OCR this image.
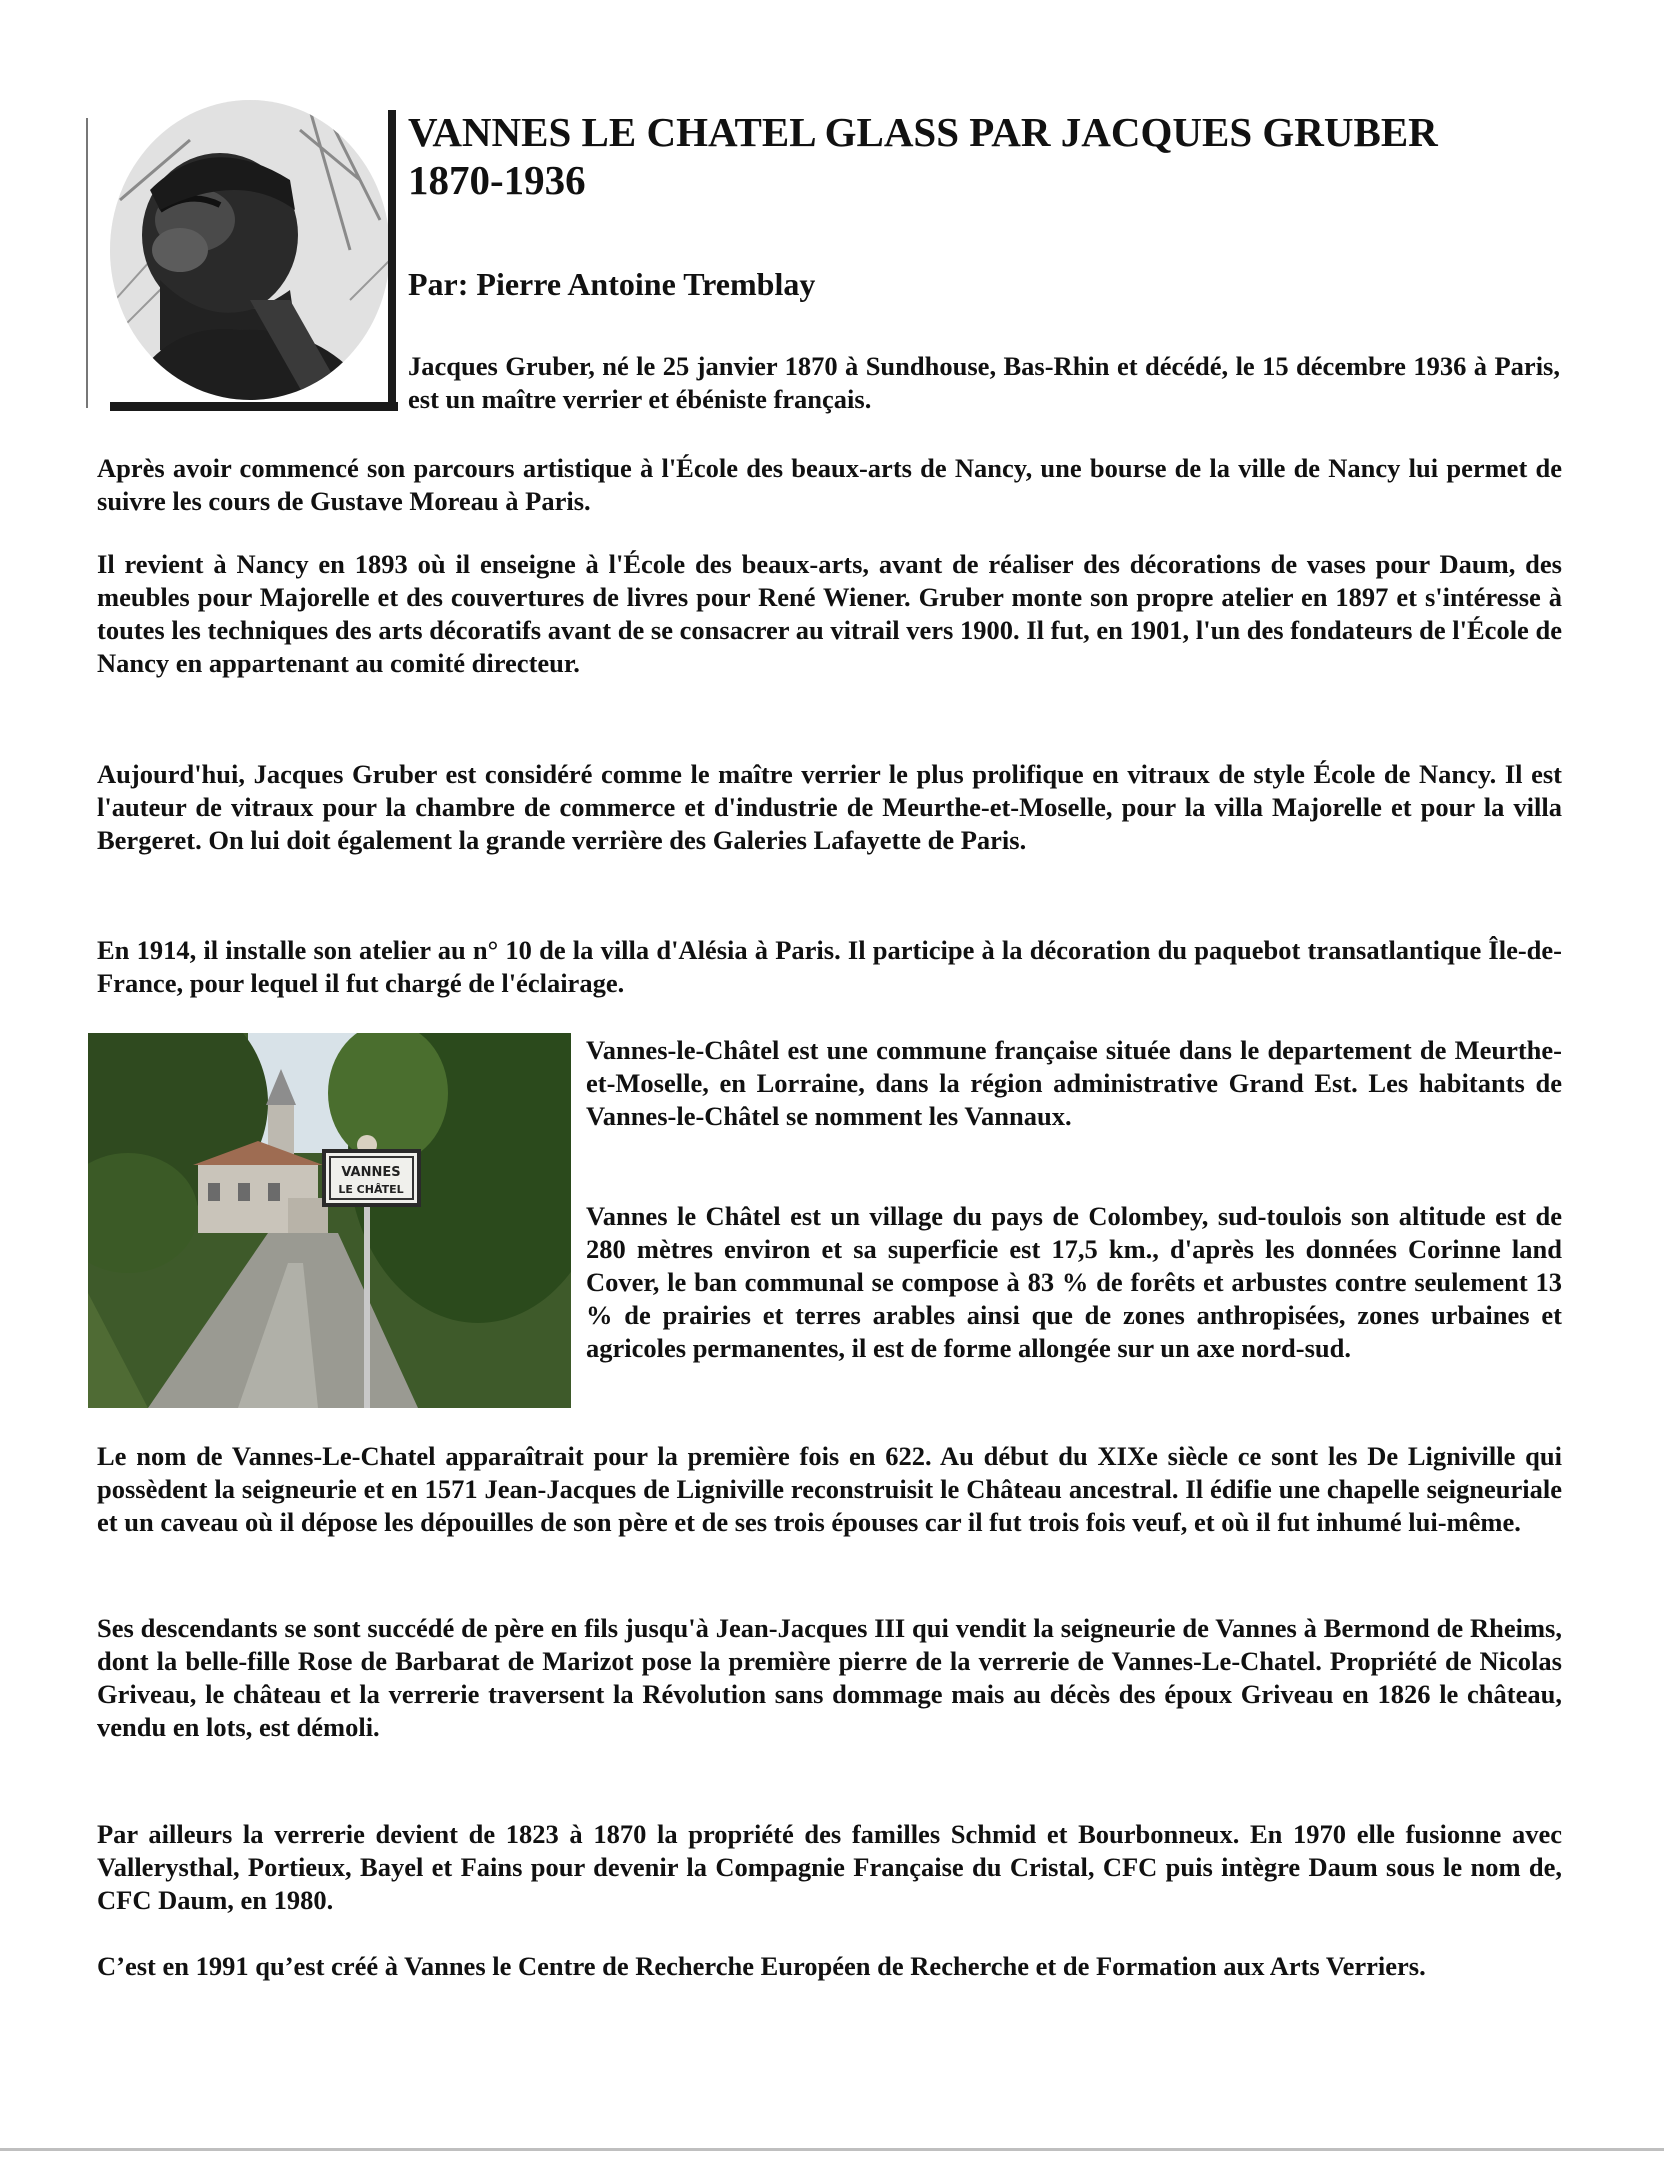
VANNES LE CHATEL GLASS PAR JACQUES GRUBER
1870-1936

Par: Pierre Antoine Tremblay

Jacques Gruber, né le 25 janvier 1870 à Sundhouse, Bas-Rhin et décédé, le 15 décembre 1936 à Paris, est un maître verrier et ébéniste français.

Après avoir commencé son parcours artistique à l'École des beaux-arts de Nancy, une bourse de la ville de Nancy lui permet de suivre les cours de Gustave Moreau à Paris.

Il revient à Nancy en 1893 où il enseigne à l'École des beaux-arts, avant de réaliser des décorations de vases pour Daum, des meubles pour Majorelle et des couvertures de livres pour René Wiener. Gruber monte son propre atelier en 1897 et s'intéresse à toutes les techniques des arts décoratifs avant de se consacrer au vitrail vers 1900. Il fut, en 1901, l'un des fondateurs de l'École de Nancy en appartenant au comité directeur.

Aujourd'hui, Jacques Gruber est considéré comme le maître verrier le plus prolifique en vitraux de style École de Nancy. Il est l'auteur de vitraux pour la chambre de commerce et d'industrie de Meurthe-et-Moselle, pour la villa Majorelle et pour la villa Bergeret. On lui doit également la grande verrière des Galeries Lafayette de Paris.

En 1914, il installe son atelier au n° 10 de la villa d'Alésia à Paris. Il participe à la décoration du paquebot transatlantique Île-de-France, pour lequel il fut chargé de l'éclairage.

VANNES
LE CHÂTEL

Vannes-le-Châtel est une commune française située dans le departement de Meurthe-et-Moselle, en Lorraine, dans la région administrative Grand Est. Les habitants de Vannes-le-Châtel se nomment les Vannaux.

Vannes le Châtel est un village du pays de Colombey, sud-toulois son altitude est de 280 mètres environ et sa superficie est 17,5 km., d'après les données Corinne land Cover, le ban communal se compose à 83 % de forêts et arbustes contre seulement 13 % de prairies et terres arables ainsi que de zones anthropisées, zones urbaines et agricoles permanentes, il est de forme allongée sur un axe nord-sud.

Le nom de Vannes-Le-Chatel apparaîtrait pour la première fois en 622. Au début du XIXe siècle ce sont les De Ligniville qui possèdent la seigneurie et en 1571 Jean-Jacques de Ligniville reconstruisit le Château ancestral. Il édifie une chapelle seigneuriale et un caveau où il dépose les dépouilles de son père et de ses trois épouses car il fut trois fois veuf, et où il fut inhumé lui-même.

Ses descendants se sont succédé de père en fils jusqu'à Jean-Jacques III qui vendit la seigneurie de Vannes à Bermond de Rheims, dont la belle-fille Rose de Barbarat de Marizot pose la première pierre de la verrerie de Vannes-Le-Chatel. Propriété de Nicolas Griveau, le château et la verrerie traversent la Révolution sans dommage mais au décès des époux Griveau en 1826 le château, vendu en lots, est démoli.

Par ailleurs la verrerie devient de 1823 à 1870 la propriété des familles Schmid et Bourbonneux. En 1970 elle fusionne avec Vallerysthal, Portieux, Bayel et Fains pour devenir la Compagnie Française du Cristal, CFC puis intègre Daum sous le nom de, CFC Daum, en 1980.

C’est en 1991 qu’est créé à Vannes le Centre de Recherche Européen de Recherche et de Formation aux Arts Verriers.
